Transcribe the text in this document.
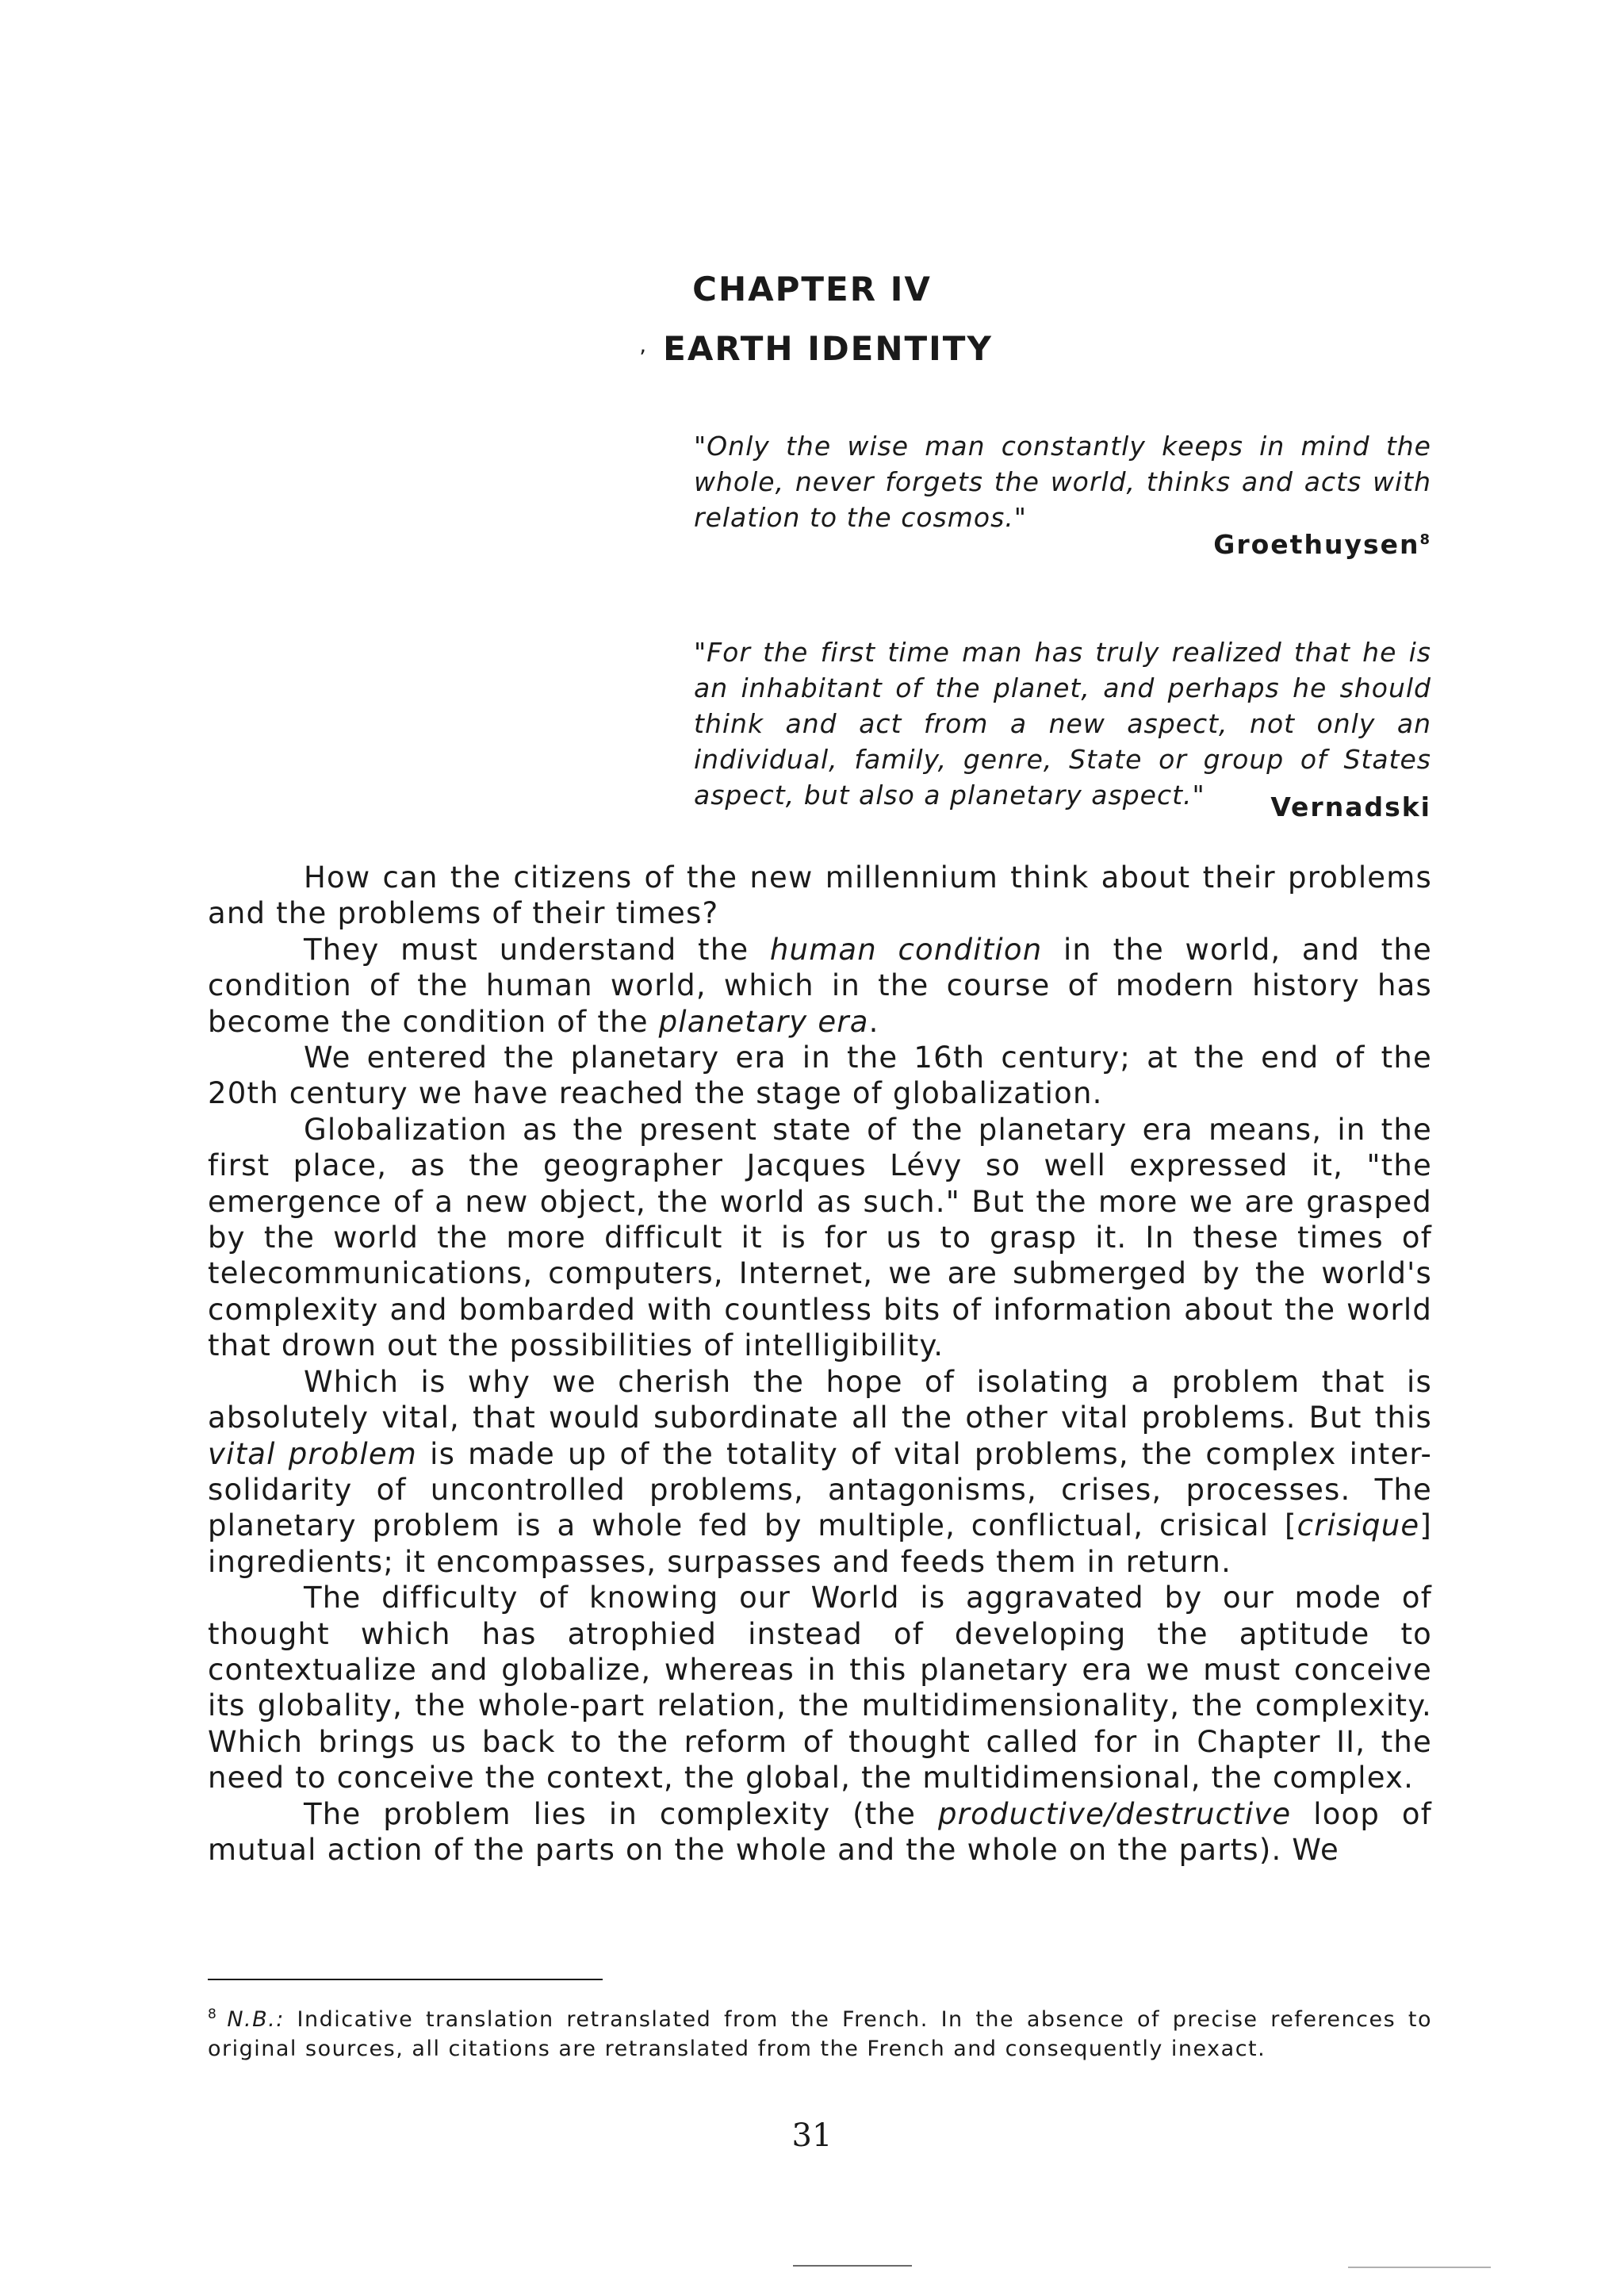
CHAPTER IV
ʼ EARTH IDENTITY
"Only the wise man constantly keeps in mind the whole, never forgets the world, thinks and acts with relation to the cosmos."
Groethuysen$^8$
"For the first time man has truly realized that he is an inhabitant of the planet, and perhaps he should think and act from a new aspect, not only an individual, family, genre, State or group of States aspect, but also a planetary aspect."	Vernadski

How can the citizens of the new millennium think about their problems and the problems of their times?

They must understand the human condition in the world, and the condition of the human world, which in the course of modern history has become the condition of the planetary era.

We entered the planetary era in the 16th century; at the end of the 20th century we have reached the stage of globalization.

Globalization as the present state of the planetary era means, in the first place, as the geographer Jacques Lévy so well expressed it, "the emergence of a new object, the world as such." But the more we are grasped by the world the more difficult it is for us to grasp it. In these times of telecommunications, computers, Internet, we are submerged by the world's complexity and bombarded with countless bits of information about the world that drown out the possibilities of intelligibility.

Which is why we cherish the hope of isolating a problem that is absolutely vital, that would subordinate all the other vital problems. But this vital problem is made up of the totality of vital problems, the complex inter-solidarity of uncontrolled problems, antagonisms, crises, processes. The planetary problem is a whole fed by multiple, conflictual, crisical [crisique] ingredients; it encompasses, surpasses and feeds them in return.

The difficulty of knowing our World is aggravated by our mode of thought which has atrophied instead of developing the aptitude to contextualize and globalize, whereas in this planetary era we must conceive its globality, the whole-part relation, the multidimensionality, the complexity. Which brings us back to the reform of thought called for in Chapter II, the need to conceive the context, the global, the multidimensional, the complex.

The problem lies in complexity (the productive/destructive loop of mutual action of the parts on the whole and the whole on the parts). We

$^8$ N.B.: Indicative translation retranslated from the French. In the absence of precise references to original sources, all citations are retranslated from the French and consequently inexact.
31
